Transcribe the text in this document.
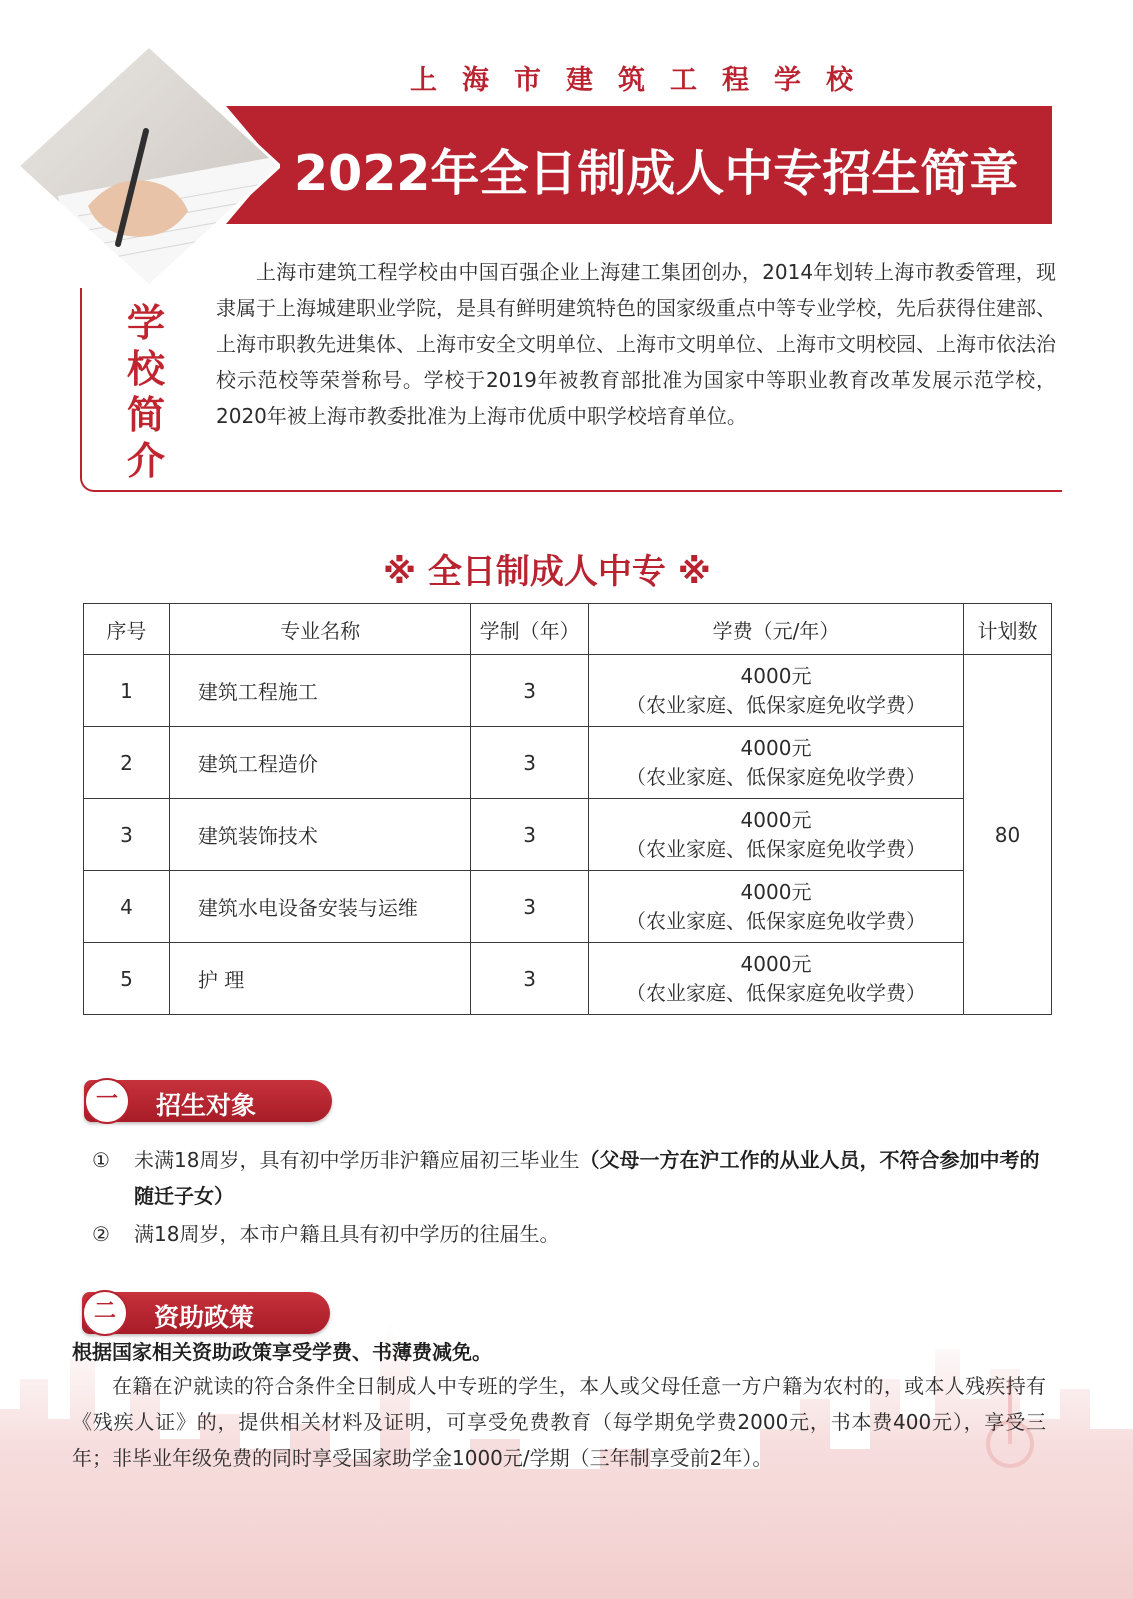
上海市建筑工程学校
2022年全日制成人中专招生简章
学
校
简
介
上海市建筑工程学校由中国百强企业上海建工集团创办，2014年划转上海市教委管理，现隶属于上海城建职业学院，是具有鲜明建筑特色的国家级重点中等专业学校，先后获得住建部、上海市职教先进集体、上海市安全文明单位、上海市文明单位、上海市文明校园、上海市依法治校示范校等荣誉称号。学校于2019年被教育部批准为国家中等职业教育改革发展示范学校，2020年被上海市教委批准为上海市优质中职学校培育单位。
※ 全日制成人中专 ※
序号	专业名称	学制（年）	学费（元/年）	计划数
1	建筑工程施工	3	4000元
（农业家庭、低保家庭免收学费）	80
2	建筑工程造价	3	4000元
（农业家庭、低保家庭免收学费）	

3	建筑装饰技术	3	4000元
（农业家庭、低保家庭免收学费）	

4	建筑水电设备安装与运维	3	4000元
（农业家庭、低保家庭免收学费）	

5	护 理	3	4000元
（农业家庭、低保家庭免收学费）	
一	招生对象
① 未满18周岁，具有初中学历非沪籍应届初三毕业生（父母一方在沪工作的从业人员，不符合参加中考的随迁子女）
② 满18周岁，本市户籍且具有初中学历的往届生。
二	资助政策
根据国家相关资助政策享受学费、书薄费减免。
在籍在沪就读的符合条件全日制成人中专班的学生，本人或父母任意一方户籍为农村的，或本人残疾持有《残疾人证》的，提供相关材料及证明，可享受免费教育（每学期免学费2000元，书本费400元），享受三年；非毕业年级免费的同时享受国家助学金1000元/学期（三年制享受前2年）。
